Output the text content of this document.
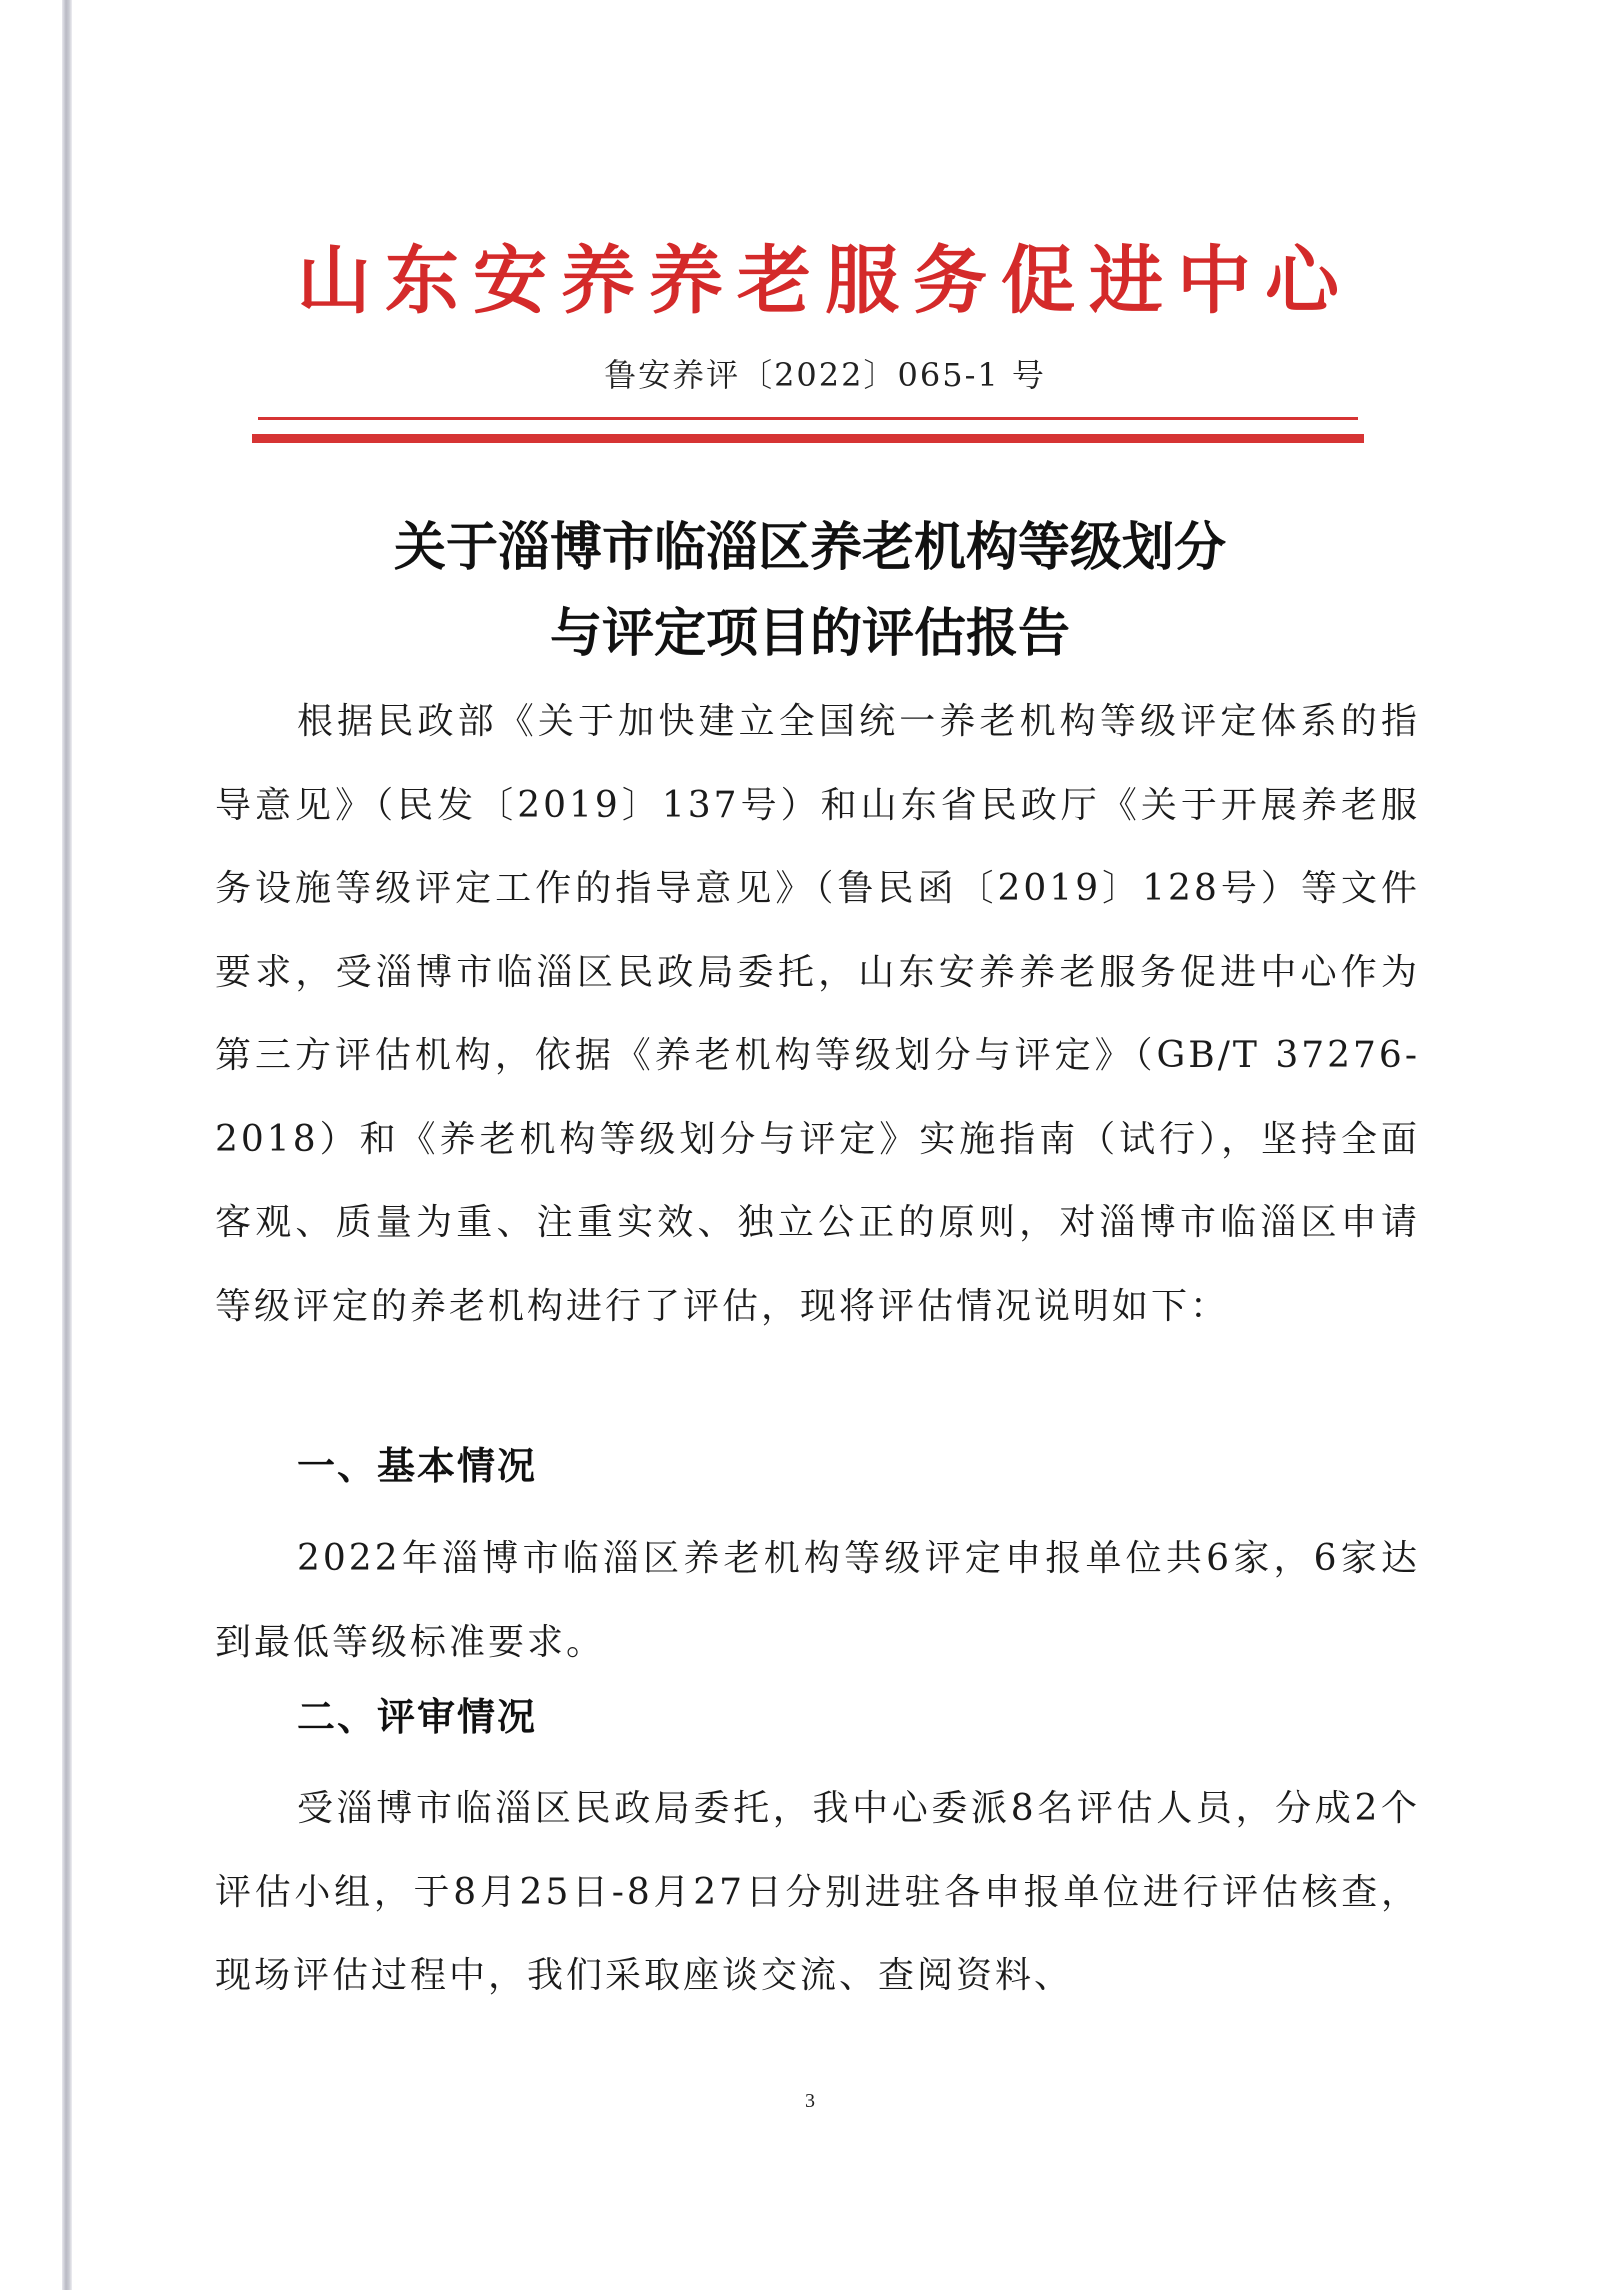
山东安养养老服务促进中心
鲁安养评〔2022〕065-1 号
关于淄博市临淄区养老机构等级划分
与评定项目的评估报告
根据民政部《关于加快建立全国统一养老机构等级评定体系的指导意见》（民发〔2019〕137号）和山东省民政厅《关于开展养老服务设施等级评定工作的指导意见》（鲁民函〔2019〕128号）等文件要求，受淄博市临淄区民政局委托，山东安养养老服务促进中心作为第三方评估机构，依据《养老机构等级划分与评定》（GB/T 37276-2018）和《养老机构等级划分与评定》实施指南（试行），坚持全面客观、质量为重、注重实效、独立公正的原则，对淄博市临淄区申请等级评定的养老机构进行了评估，现将评估情况说明如下：
一、基本情况
2022年淄博市临淄区养老机构等级评定申报单位共6家，6家达到最低等级标准要求。
二、评审情况
受淄博市临淄区民政局委托，我中心委派8名评估人员，分成2个评估小组，于8月25日-8月27日分别进驻各申报单位进行评估核查，现场评估过程中，我们采取座谈交流、查阅资料、
3
